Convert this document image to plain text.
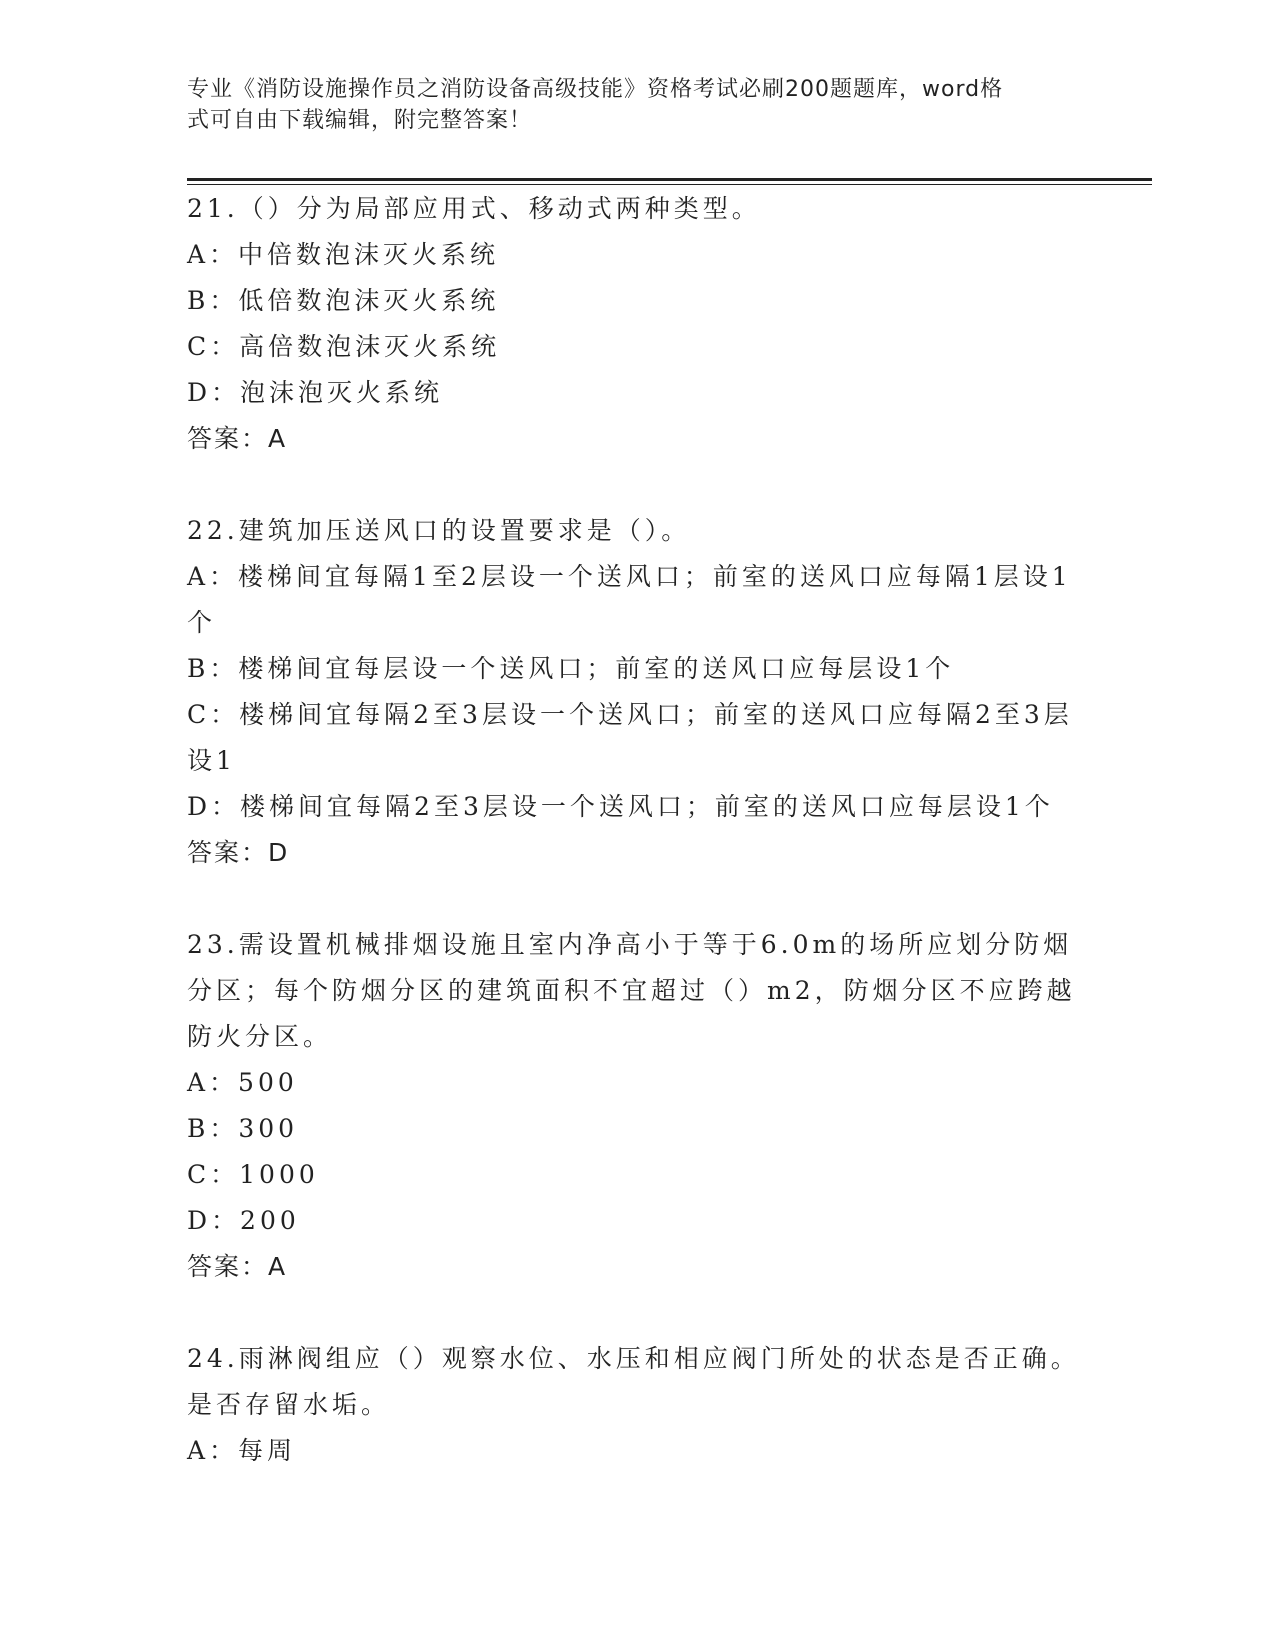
专业《消防设施操作员之消防设备高级技能》资格考试必刷200题题库，word格
式可自由下载编辑，附完整答案！
21.（）分为局部应用式、移动式两种类型。
A：中倍数泡沫灭火系统
B：低倍数泡沫灭火系统
C：高倍数泡沫灭火系统
D：泡沫泡灭火系统
答案：A
22.建筑加压送风口的设置要求是（）。
A：楼梯间宜每隔1至2层设一个送风口；前室的送风口应每隔1层设1个
B：楼梯间宜每层设一个送风口；前室的送风口应每层设1个
C：楼梯间宜每隔2至3层设一个送风口；前室的送风口应每隔2至3层设1
D：楼梯间宜每隔2至3层设一个送风口；前室的送风口应每层设1个
答案：D
23.需设置机械排烟设施且室内净高小于等于6.0m的场所应划分防烟分区；每个防烟分区的建筑面积不宜超过（）m2，防烟分区不应跨越防火分区。
A：500
B：300
C：1000
D：200
答案：A
24.雨淋阀组应（）观察水位、水压和相应阀门所处的状态是否正确。是否存留水垢。
A：每周
